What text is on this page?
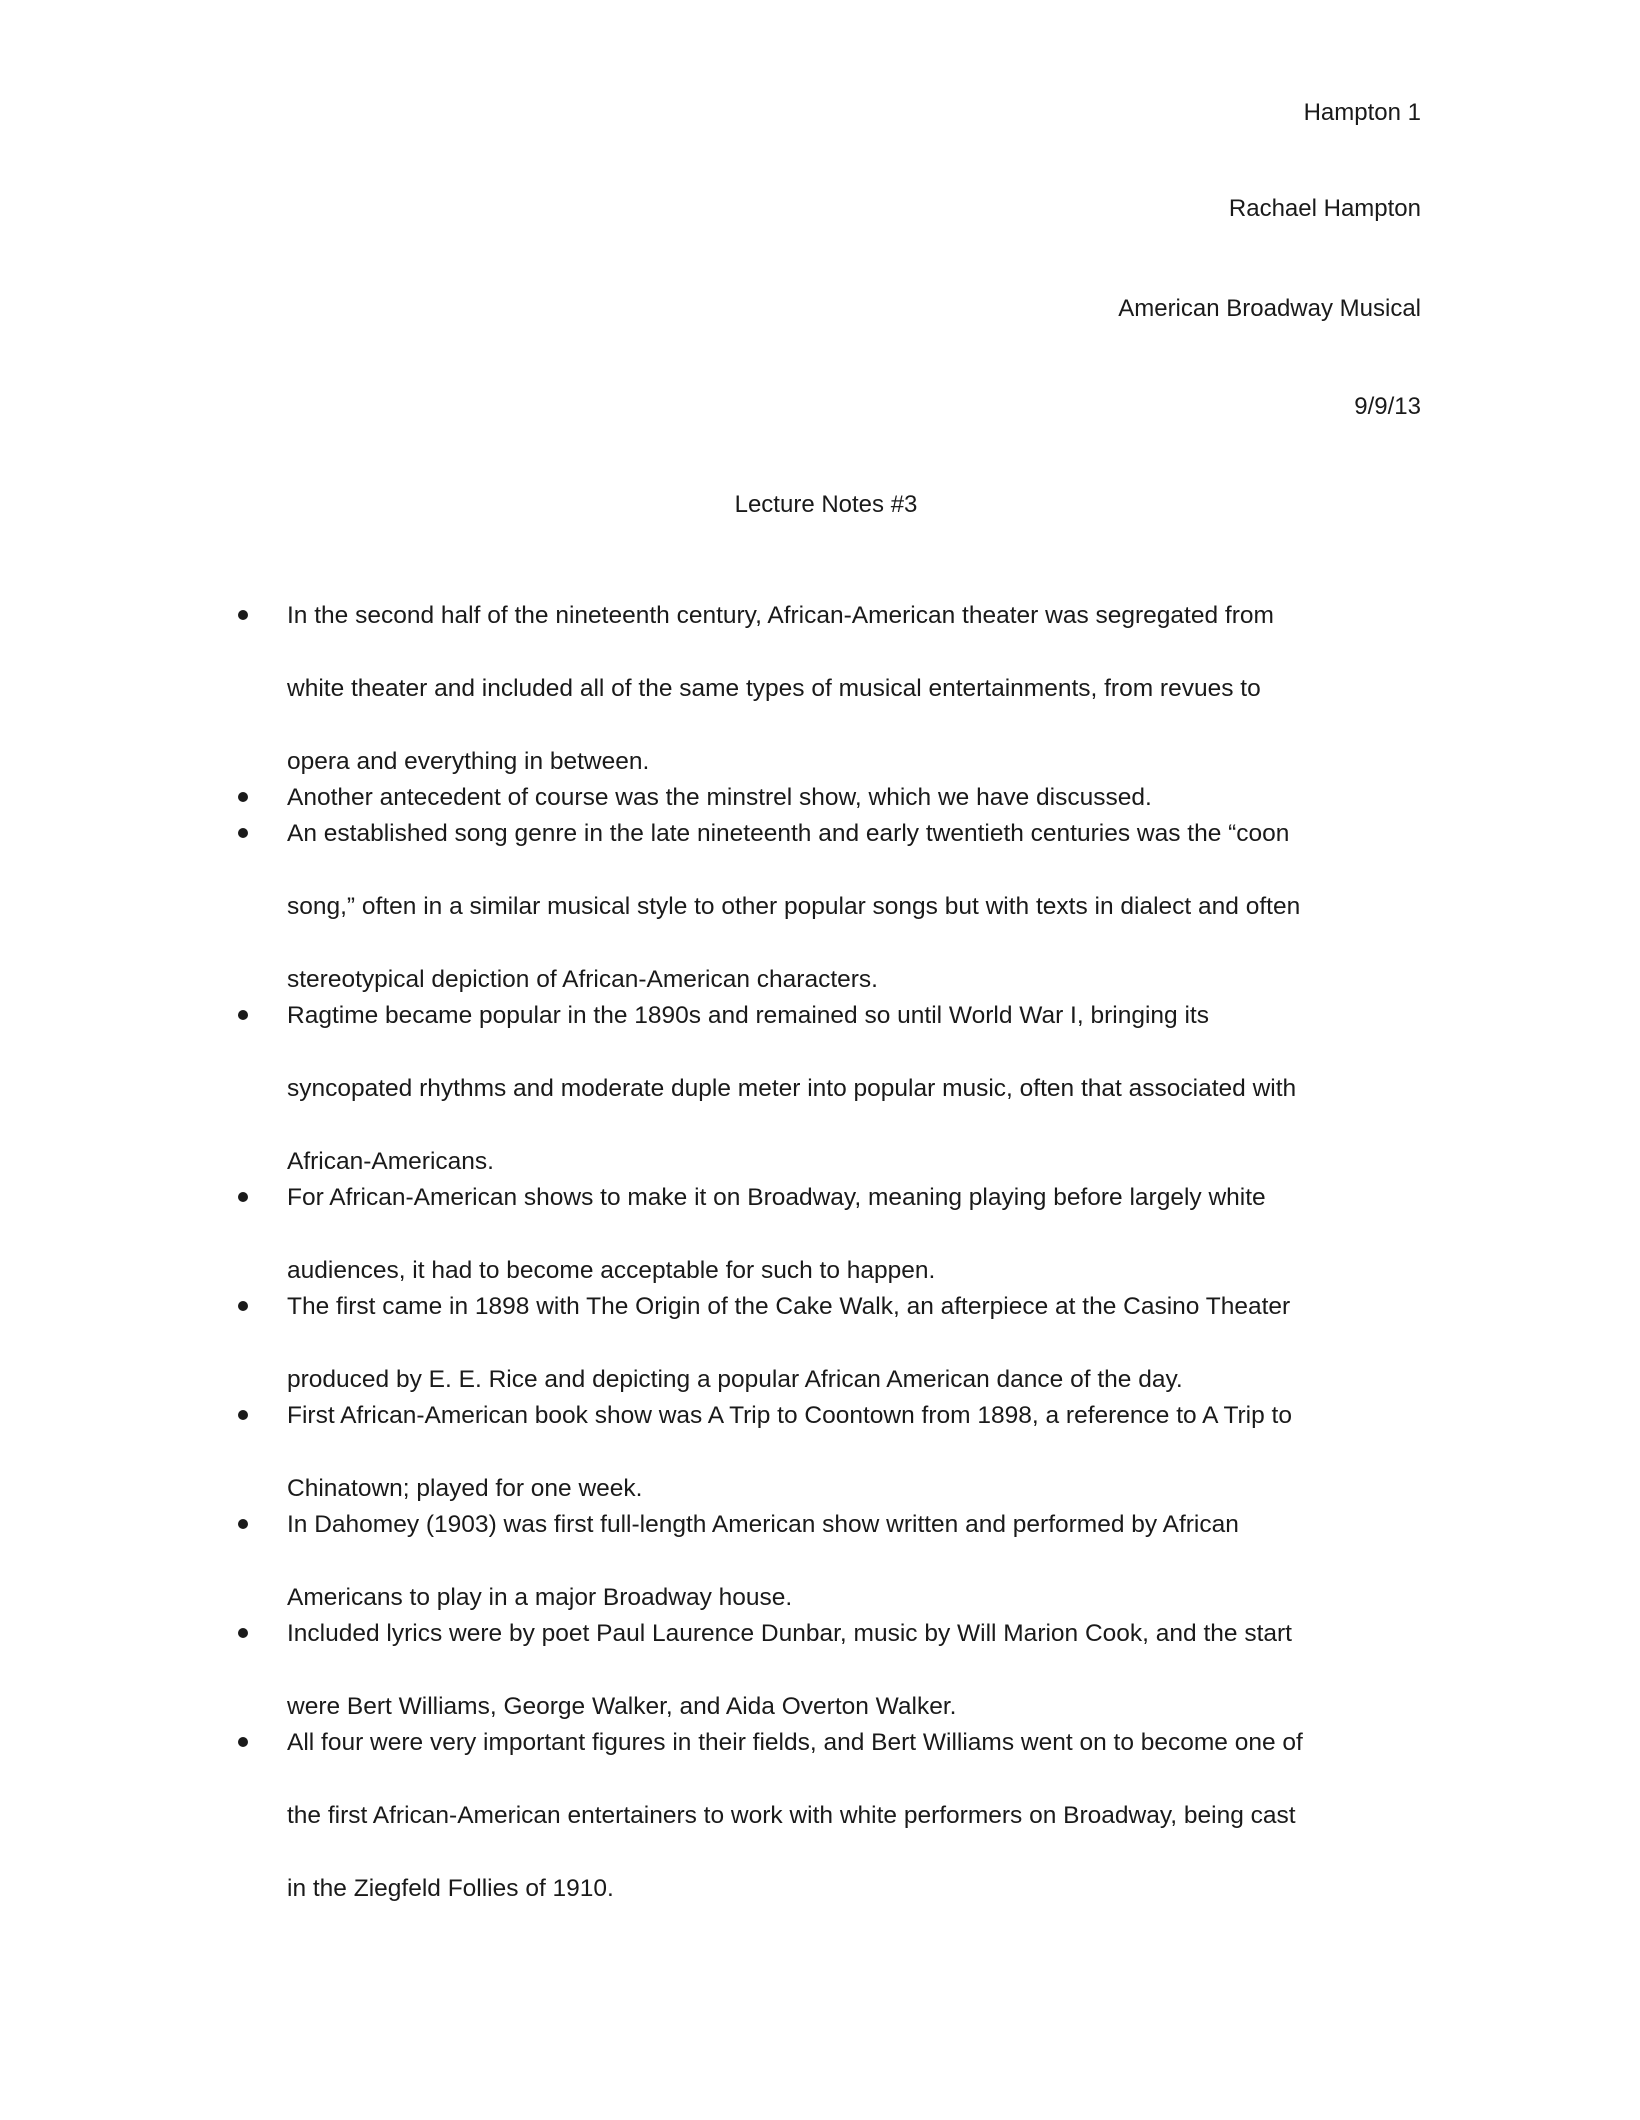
Hampton 1
Rachael Hampton
American Broadway Musical
9/9/13
Lecture Notes #3
In the second half of the nineteenth century, African-American theater was segregated from
white theater and included all of the same types of musical entertainments, from revues to
opera and everything in between.
Another antecedent of course was the minstrel show, which we have discussed.
An established song genre in the late nineteenth and early twentieth centuries was the “coon
song,” often in a similar musical style to other popular songs but with texts in dialect and often
stereotypical depiction of African-American characters.
Ragtime became popular in the 1890s and remained so until World War I, bringing its
syncopated rhythms and moderate duple meter into popular music, often that associated with
African-Americans.
For African-American shows to make it on Broadway, meaning playing before largely white
audiences, it had to become acceptable for such to happen.
The first came in 1898 with The Origin of the Cake Walk, an afterpiece at the Casino Theater
produced by E. E. Rice and depicting a popular African American dance of the day.
First African-American book show was A Trip to Coontown from 1898, a reference to A Trip to
Chinatown; played for one week.
In Dahomey (1903) was first full-length American show written and performed by African
Americans to play in a major Broadway house.
Included lyrics were by poet Paul Laurence Dunbar, music by Will Marion Cook, and the start
were Bert Williams, George Walker, and Aida Overton Walker.
All four were very important figures in their fields, and Bert Williams went on to become one of
the first African-American entertainers to work with white performers on Broadway, being cast
in the Ziegfeld Follies of 1910.
